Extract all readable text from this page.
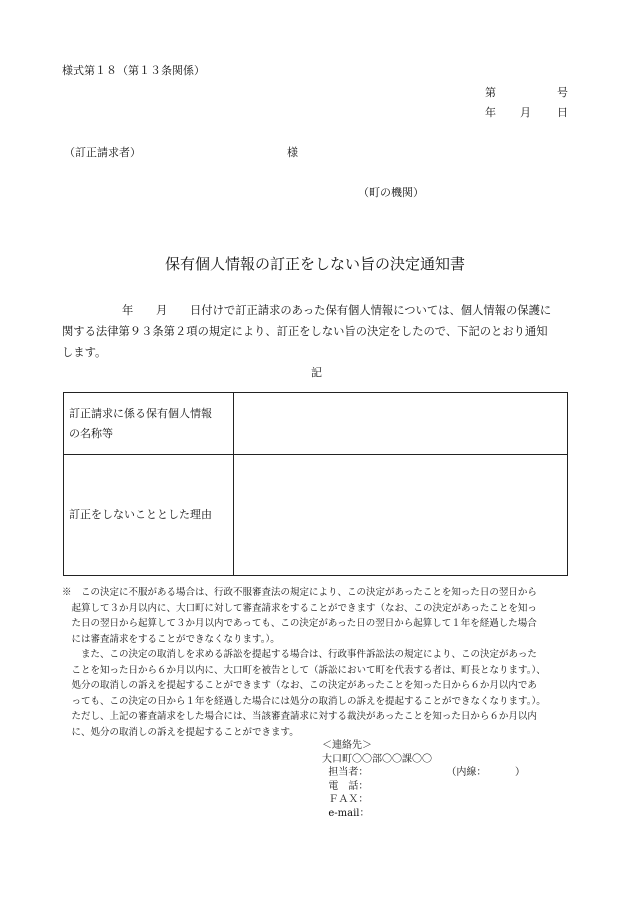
様式第１８（第１３条関係）
第	号
年 月 日
（訂正請求者）	様
（町の機関）
保有個人情報の訂正をしない旨の決定通知書
年 月 日付けで訂正請求のあった保有個人情報については、個人情報の保護に
関する法律第９３条第２項の規定により、訂正をしない旨の決定をしたので、下記のとおり通知
します。
記
訂正請求に係る保有個人情報
の名称等	

訂正をしないこととした理由	

※　この決定に不服がある場合は、行政不服審査法の規定により、この決定があったことを知った日の翌日から
　起算して３か月以内に、大口町に対して審査請求をすることができます（なお、この決定があったことを知っ
　た日の翌日から起算して３か月以内であっても、この決定があった日の翌日から起算して１年を経過した場合
　には審査請求をすることができなくなります。）。
　　また、この決定の取消しを求める訴訟を提起する場合は、行政事件訴訟法の規定により、この決定があった
　ことを知った日から６か月以内に、大口町を被告として（訴訟において町を代表する者は、町長となります。）、
　処分の取消しの訴えを提起することができます（なお、この決定があったことを知った日から６か月以内であ
　っても、この決定の日から１年を経過した場合には処分の取消しの訴えを提起することができなくなります。）。
　ただし、上記の審査請求をした場合には、当該審査請求に対する裁決があったことを知った日から６か月以内
　に、処分の取消しの訴えを提起することができます。
＜連絡先＞
大口町〇〇部〇〇課〇〇
担当者：	（内線：         ）
電　話：
ＦＡＸ：
e-mail：
